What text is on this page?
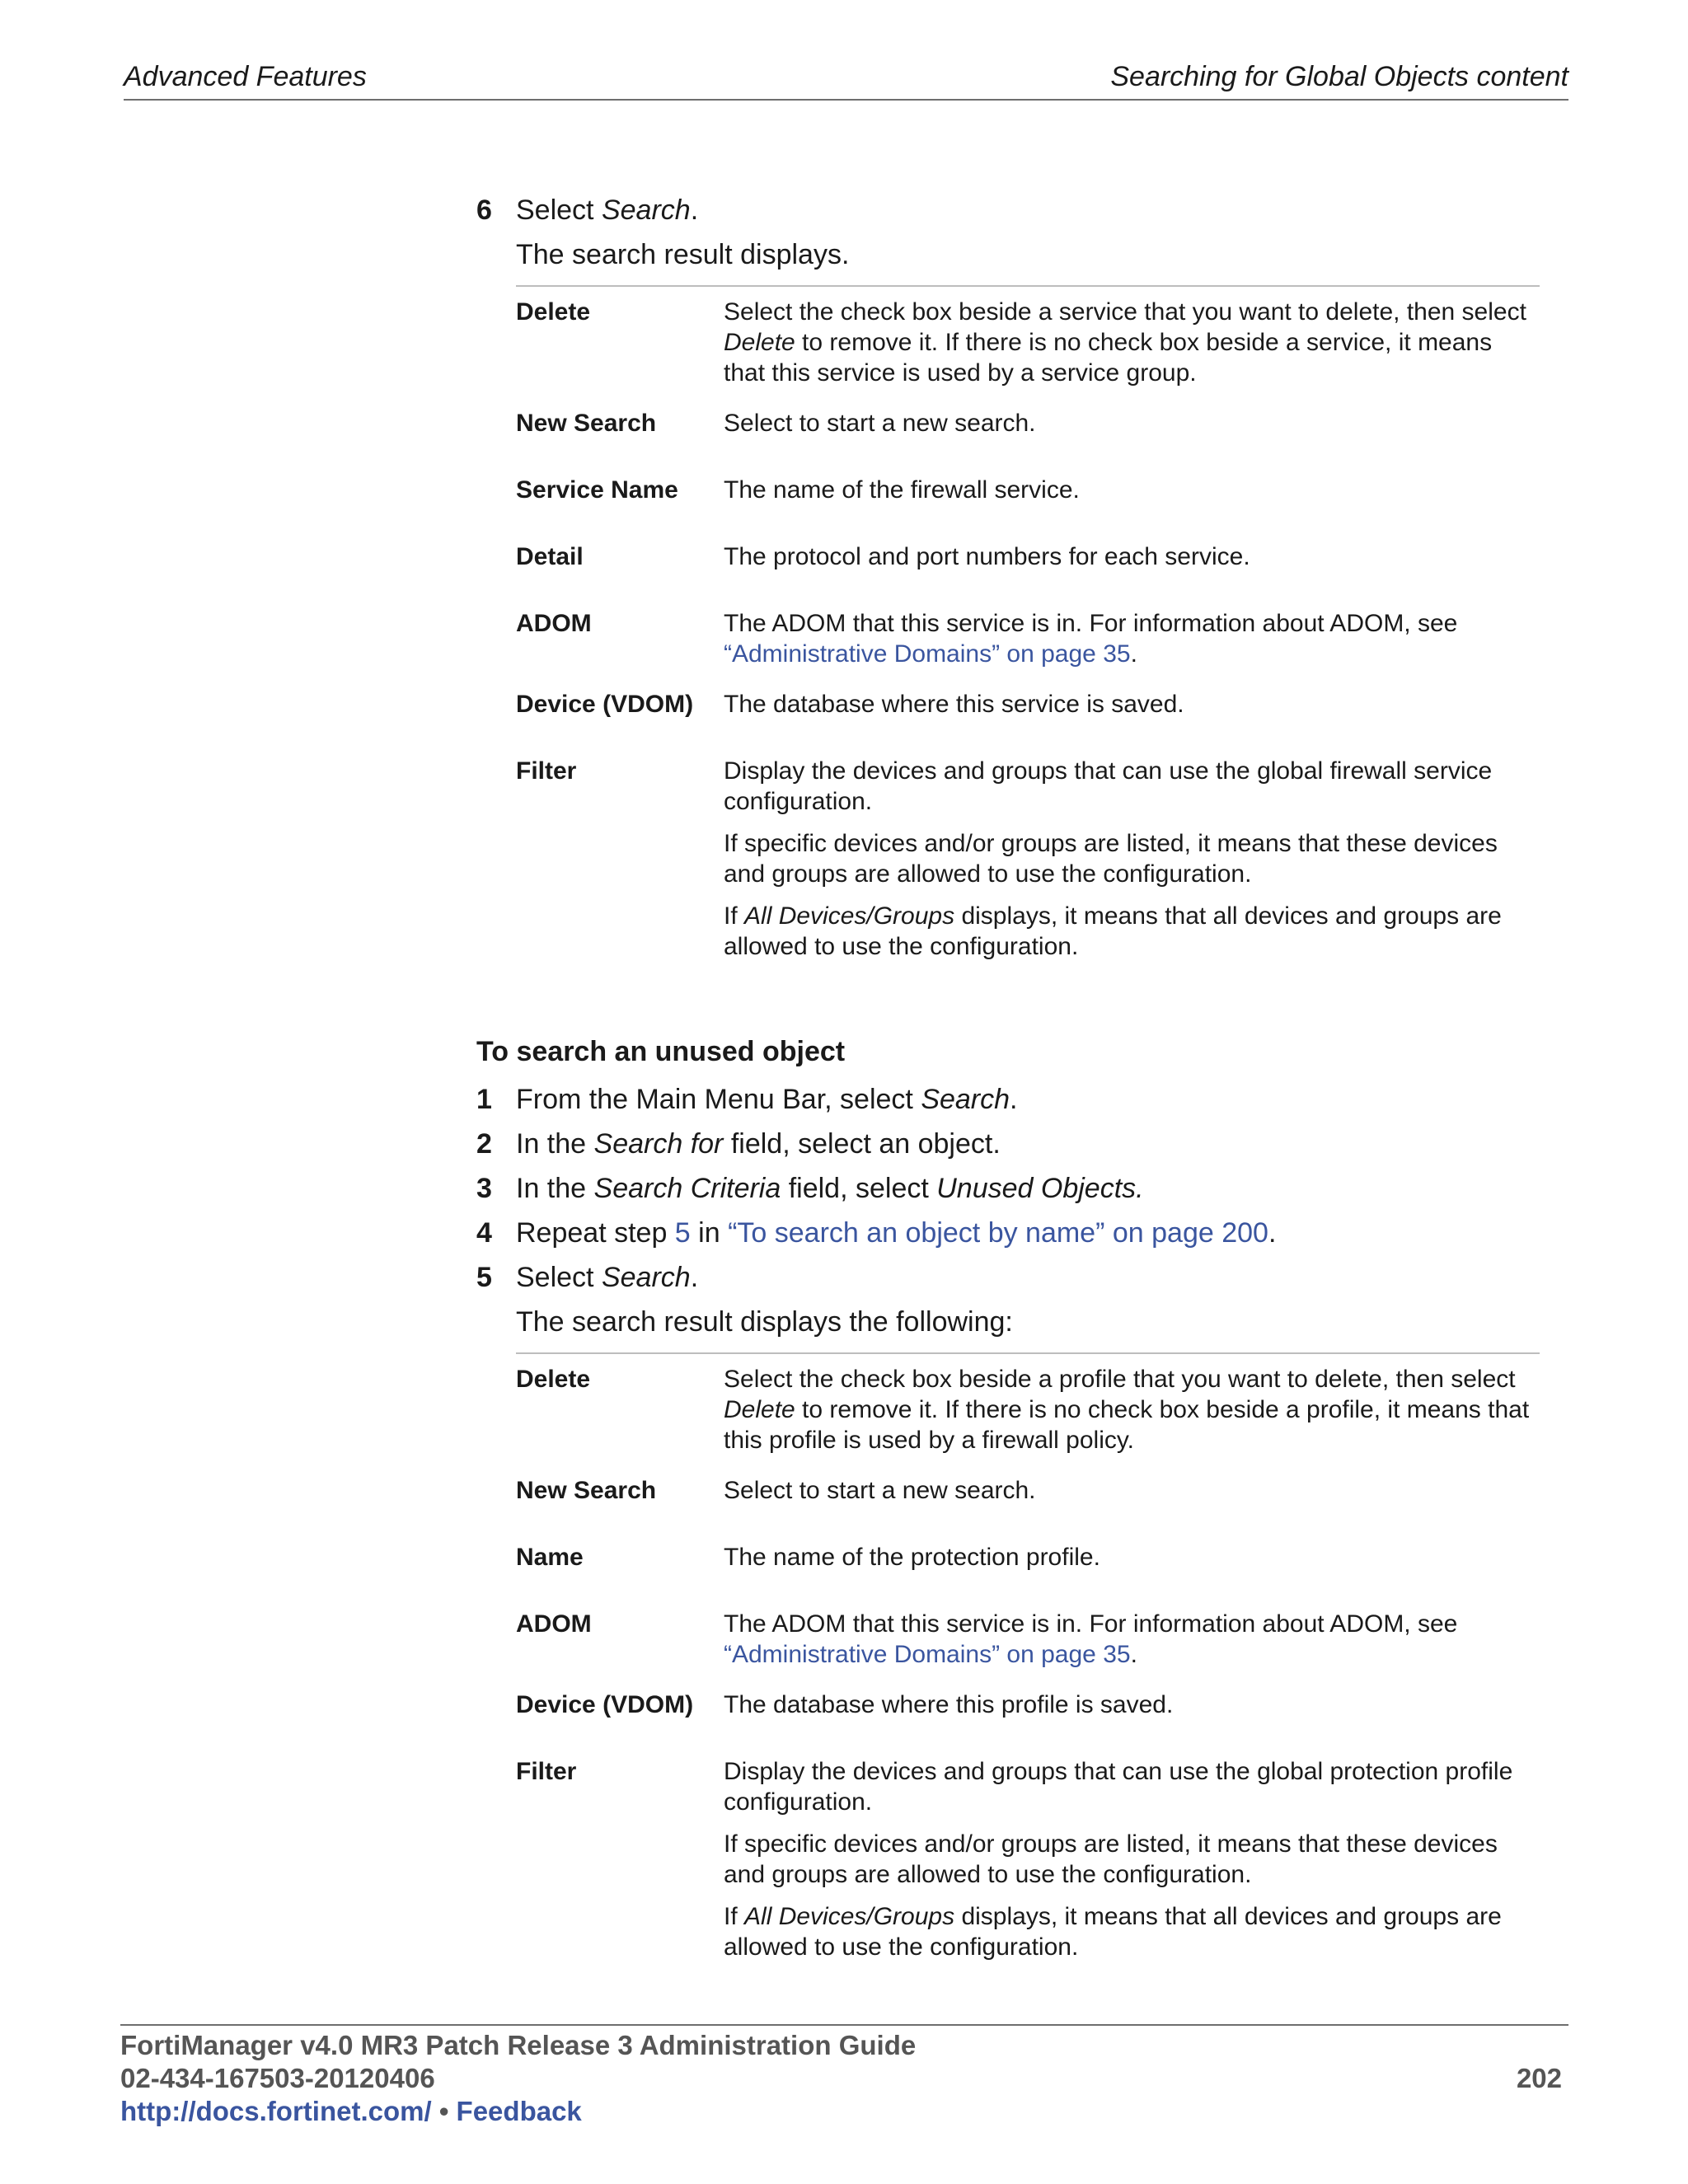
Advanced Features	Searching for Global Objects content
6 Select Search.
The search result displays.
Delete	Select the check box beside a service that you want to delete, then select Delete to remove it. If there is no check box beside a service, it means that this service is used by a service group.
New Search	Select to start a new search.
Service Name	The name of the firewall service.
Detail	The protocol and port numbers for each service.
ADOM	The ADOM that this service is in. For information about ADOM, see “Administrative Domains” on page 35.
Device (VDOM)	The database where this service is saved.
Filter	Display the devices and groups that can use the global firewall service configuration.

If specific devices and/or groups are listed, it means that these devices and groups are allowed to use the configuration.

If All Devices/Groups displays, it means that all devices and groups are allowed to use the configuration.

To search an unused object
1 From the Main Menu Bar, select Search.
2 In the Search for field, select an object.
3 In the Search Criteria field, select Unused Objects.
4 Repeat step 5 in “To search an object by name” on page 200.
5 Select Search.
The search result displays the following:
Delete	Select the check box beside a profile that you want to delete, then select Delete to remove it. If there is no check box beside a profile, it means that this profile is used by a firewall policy.
New Search	Select to start a new search.
Name	The name of the protection profile.
ADOM	The ADOM that this service is in. For information about ADOM, see “Administrative Domains” on page 35.
Device (VDOM)	The database where this profile is saved.
Filter	Display the devices and groups that can use the global protection profile configuration.

If specific devices and/or groups are listed, it means that these devices and groups are allowed to use the configuration.

If All Devices/Groups displays, it means that all devices and groups are allowed to use the configuration.

FortiManager v4.0 MR3 Patch Release 3 Administration Guide
02-434-167503-20120406
http://docs.fortinet.com/ • Feedback
202
